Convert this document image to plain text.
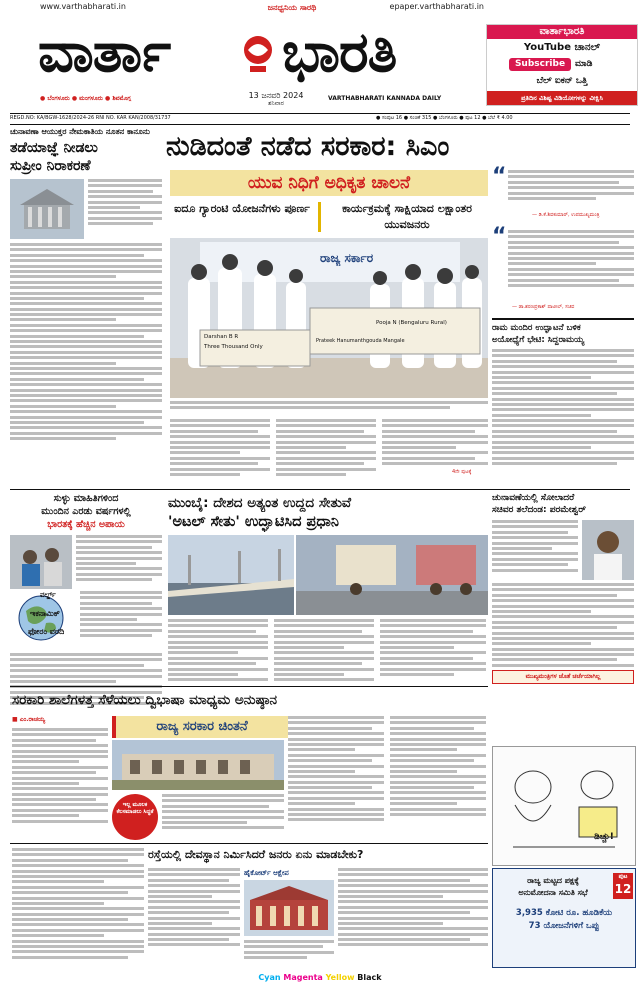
www.varthabharati.in	ಜನಧ್ವನಿಯ ಸಾರಥಿ	epaper.varthabharati.in
ವಾರ್ತಾ	ಭಾರತಿ
13 ಜನವರಿ 2024
ಶನಿವಾರ
● ಬೆಂಗಳೂರು ● ಮಂಗಳೂರು ● ಶಿವಮೊಗ್ಗ	VARTHABHARATI KANNADA DAILY
ವಾರ್ತಾಭಾರತಿ
YouTube ಚಾನಲ್
Subscribe	ಮಾಡಿ
ಬೆಲ್ ಐಕನ್ ಒತ್ತಿ
ಪ್ರತಿದಿನ ವಿಶಿಷ್ಟ ವಿಡಿಯೋಗಳನ್ನು ವೀಕ್ಷಿಸಿ
REGD.NO: KA/BGW-1628/2024-26 RNI NO. KAR KAN/2008/31737	● ಸಂಪುಟ 16 ● ಸಂಚಿಕೆ 315 ● ಬೆಂಗಳೂರು ● ಪುಟ 12 ● ಬೆಲೆ ₹ 4.00
ಚುನಾವಣಾ ಆಯುಕ್ತರ ನೇಮಕಾತಿಯ ನೂತನ ಕಾನೂನು
ತಡೆಯಾಜ್ಞೆ ನೀಡಲು
ಸುಪ್ರೀಂ ನಿರಾಕರಣೆ
ನುಡಿದಂತೆ ನಡೆದ ಸರಕಾರ: ಸಿಎಂ
ಯುವ ನಿಧಿಗೆ ಅಧಿಕೃತ ಚಾಲನೆ
ಐದೂ ಗ್ಯಾರಂಟಿ ಯೋಜನೆಗಳು ಪೂರ್ಣ	ಕಾರ್ಯಕ್ರಮಕ್ಕೆ ಸಾಕ್ಷಿಯಾದ ಲಕ್ಷಾಂತರ ಯುವಜನರು
ರಾಜ್ಯ ಸರ್ಕಾರ
Darshan B R
Three Thousand Only
Pooja N (Bengaluru Rural)
Prateek Hanumanthgouda Mangale
4ನೇ ಪುಟಕ್ಕೆ
“
— ಡಿ.ಕೆ.ಶಿವಕುಮಾರ್, ಉಪಮುಖ್ಯಮಂತ್ರಿ
“
— ಡಾ.ಶರಣಪ್ರಕಾಶ್ ಪಾಟೀಲ್, ಸಚಿವ
ರಾಮ ಮಂದಿರ ಉದ್ಘಾಟನೆ ಬಳಿಕ
ಅಯೋಧ್ಯೆಗೆ ಭೇಟಿ: ಸಿದ್ದರಾಮಯ್ಯ
ಸುಳ್ಳು ಮಾಹಿತಿಗಳಿಂದ
ಮುಂದಿನ ಎರಡು ವರ್ಷಗಳಲ್ಲಿ
ಭಾರತಕ್ಕೆ ಹೆಚ್ಚಿನ ಅಪಾಯ
ವರ್ಲ್ಡ್
ಇಕನಾಮಿಕ್
ಫೋರಂ ವರದಿ
ಮುಂಬೈ: ದೇಶದ ಅತ್ಯಂತ ಉದ್ದದ ಸೇತುವೆ
'ಅಟಲ್ ಸೇತು' ಉದ್ಘಾಟಿಸಿದ ಪ್ರಧಾನಿ
ಚುನಾವಣೆಯಲ್ಲಿ ಸೋಲಾದರೆ
ಸಚಿವರ ತಲೆದಂಡ: ಪರಮೇಶ್ವರ್
ಮುಖ್ಯಮಂತ್ರಿಗಳ ಜೊತೆ ಚರ್ಚೆಯಾಗಿಲ್ಲ
ಸರಕಾರಿ ಶಾಲೆಗಳತ್ತ ಸೆಳೆಯಲು ದ್ವಿಭಾಷಾ ಮಾಧ್ಯಮ ಅನುಷ್ಠಾನ
■ ಎಂ.ರಾಚಯ್ಯ	ರಾಜ್ಯ ಸರಕಾರ ಚಿಂತನೆ
ಇಲ್ಲ ಮೂಲಕ ಕೆಲಸಮಾಡಲು ಸಿದ್ಧತೆ
ಡಿಚ್ಚು!
ರಸ್ತೆಯಲ್ಲಿ ದೇವಸ್ಥಾನ ನಿರ್ಮಿಸಿದರೆ ಜನರು ಏನು ಮಾಡಬೇಕು?
ಹೈಕೋರ್ಟ್ ಆಕ್ಷೇಪ
ರಾಜ್ಯ ಮಟ್ಟದ ಪಕ್ಷಕ್ಕೆ
ಅನುಮೋದನಾ ಸಮಿತಿ ಸಭೆ
3,935 ಕೋಟಿ ರೂ. ಹೂಡಿಕೆಯ
73 ಯೋಜನೆಗಳಿಗೆ ಒಪ್ಪು
ಪುಟ
12
Cyan Magenta Yellow Black
